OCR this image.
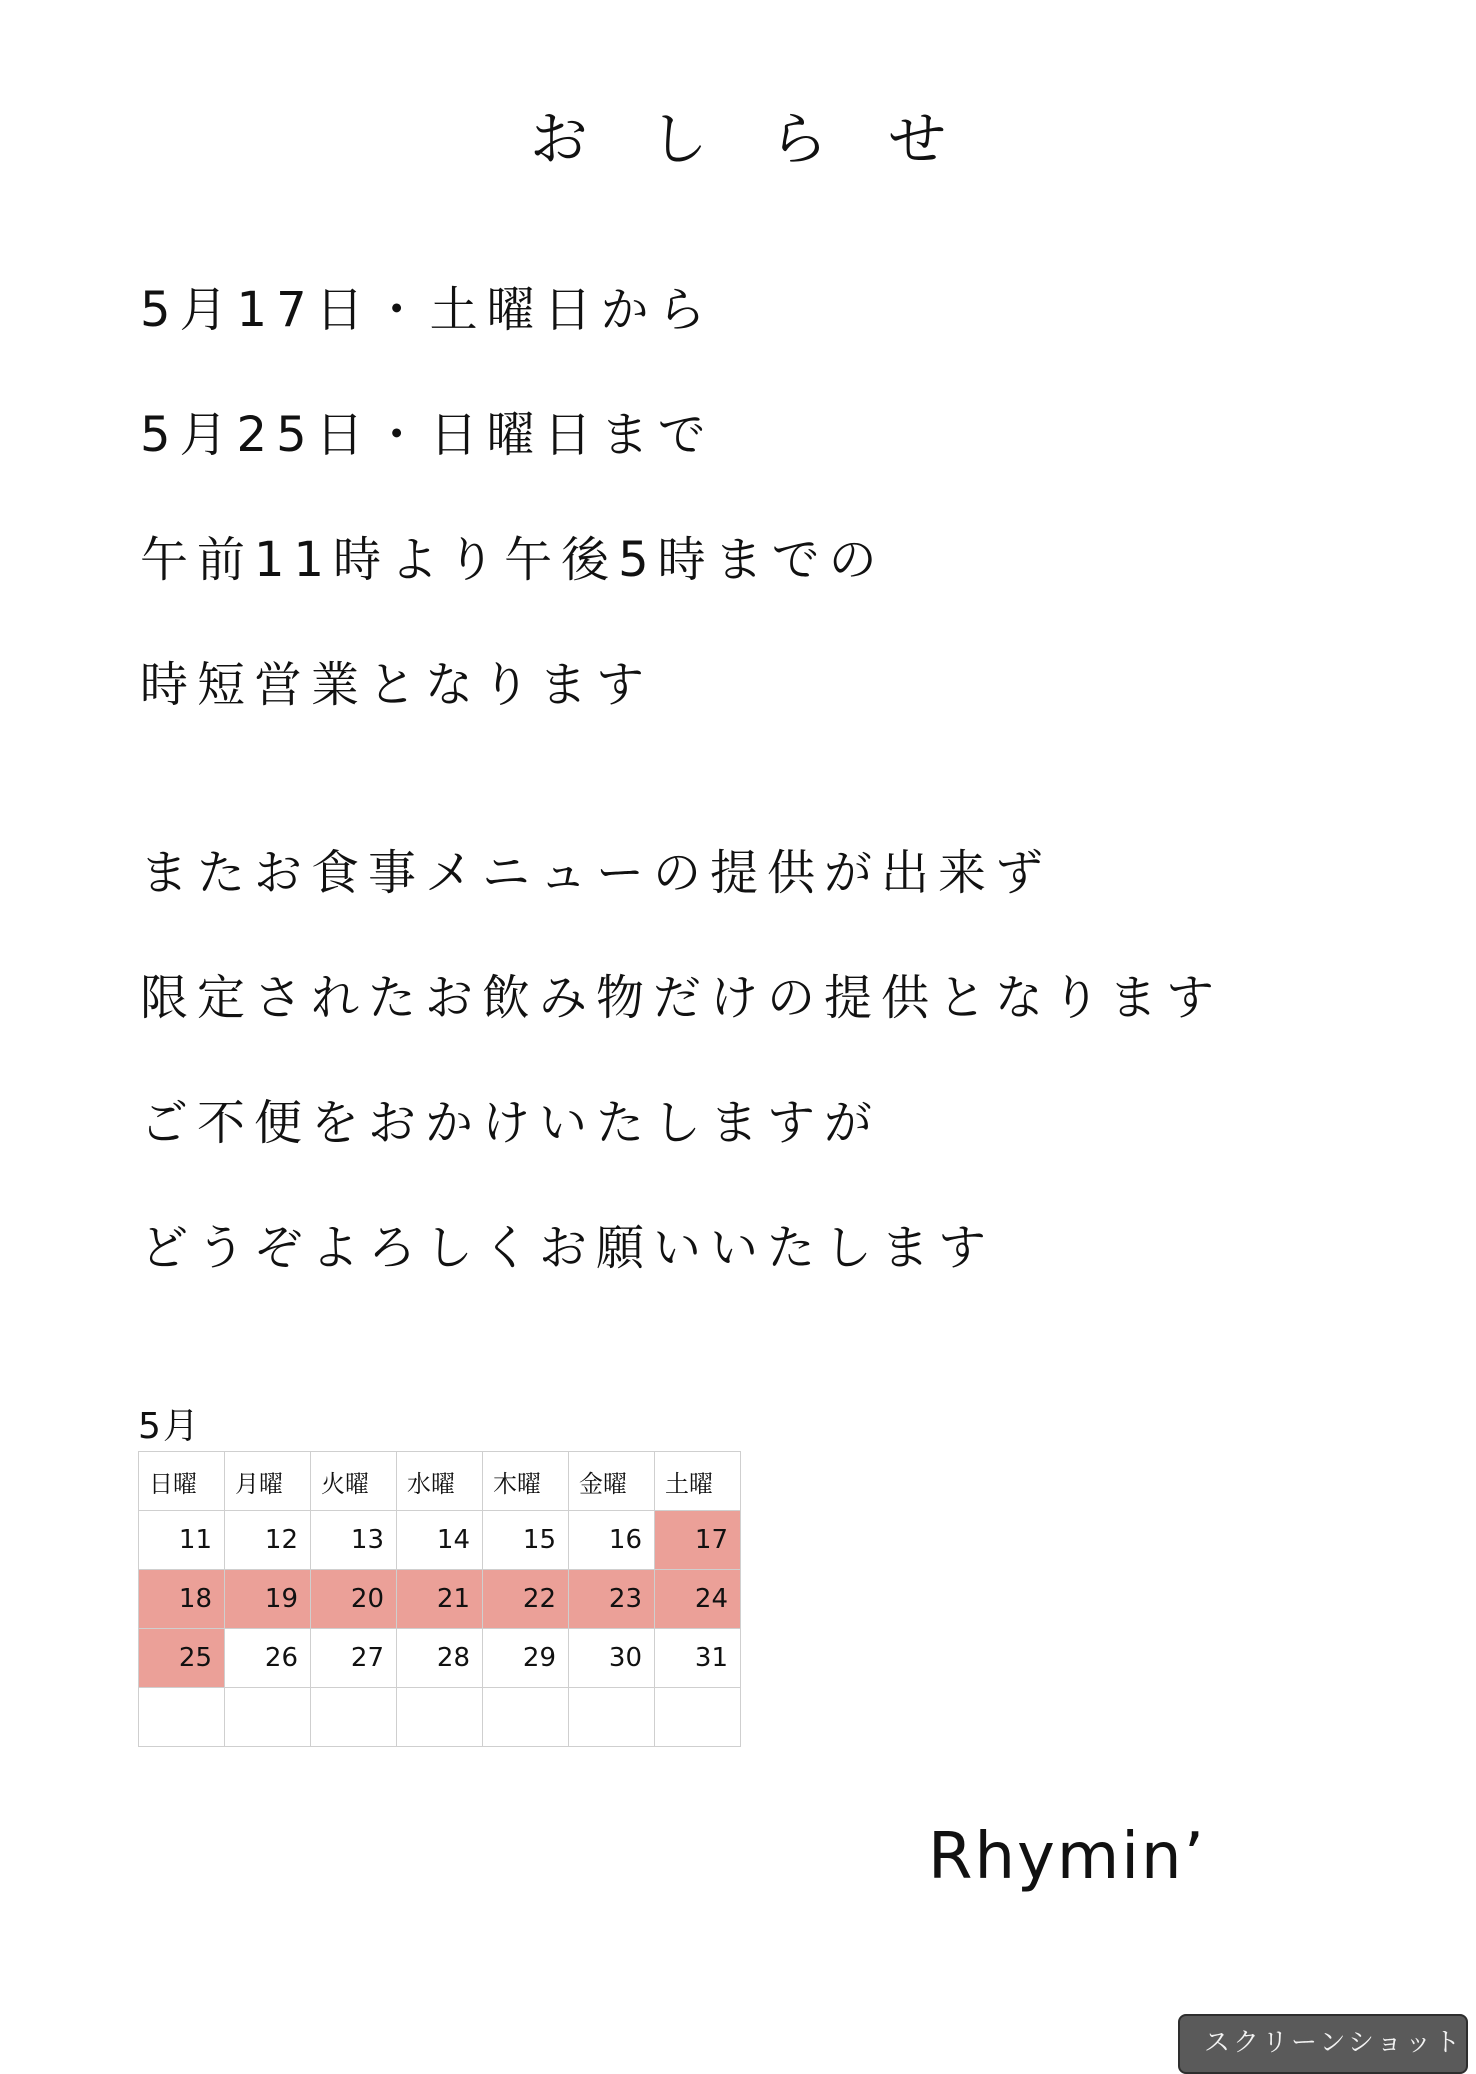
おしらせ
5月17日・土曜日から
5月25日・日曜日まで
午前11時より午後5時までの
時短営業となります
またお食事メニューの提供が出来ず
限定されたお飲み物だけの提供となります
ご不便をおかけいたしますが
どうぞよろしくお願いいたします
5月
日曜	月曜	火曜	水曜	木曜	金曜	土曜
11	12	13	14	15	16	17
18	19	20	21	22	23	24
25	26	27	28	29	30	31

Rhymin’
スクリーンショット
